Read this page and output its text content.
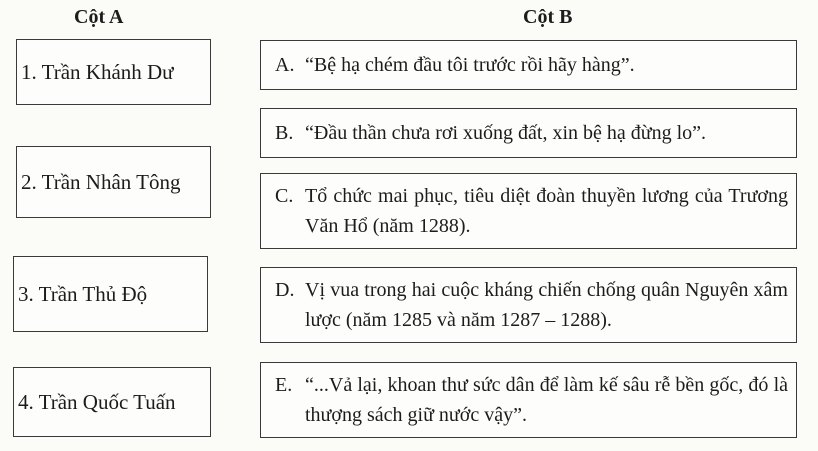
Cột A	Cột B
1. Trần Khánh Dư
2. Trần Nhân Tông
3. Trần Thủ Độ
4. Trần Quốc Tuấn
A. “Bệ hạ chém đầu tôi trước rồi hãy hàng”.
B. “Đầu thần chưa rơi xuống đất, xin bệ hạ đừng lo”.
C. Tổ chức mai phục, tiêu diệt đoàn thuyền lương của Trương Văn Hổ (năm 1288).
D. Vị vua trong hai cuộc kháng chiến chống quân Nguyên xâm lược (năm 1285 và năm 1287 – 1288).
E. “...Vả lại, khoan thư sức dân để làm kế sâu rễ bền gốc, đó là thượng sách giữ nước vậy”.
